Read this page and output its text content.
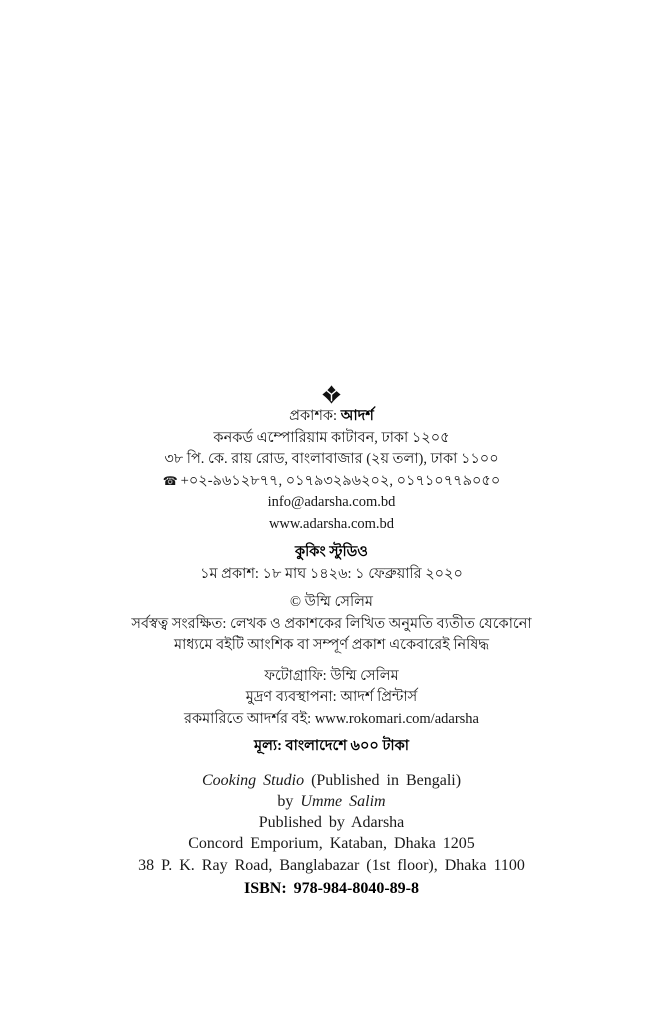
প্রকাশক: আদর্শ
কনকর্ড এম্পোরিয়াম কাটাবন, ঢাকা ১২০৫
৩৮ পি. কে. রায় রোড, বাংলাবাজার (২য় তলা), ঢাকা ১১০০
☎ +০২-৯৬১২৮৭৭, ০১৭৯৩২৯৬২০২, ০১৭১০৭৭৯০৫০
info@adarsha.com.bd
www.adarsha.com.bd
কুকিং স্টুডিও
১ম প্রকাশ: ১৮ মাঘ ১৪২৬: ১ ফেব্রুয়ারি ২০২০
© উম্মি সেলিম
সর্বস্বত্ব সংরক্ষিত: লেখক ও প্রকাশকের লিখিত অনুমতি ব্যতীত যেকোনো
মাধ্যমে বইটি আংশিক বা সম্পূর্ণ প্রকাশ একেবারেই নিষিদ্ধ
ফটোগ্রাফি: উম্মি সেলিম
মুদ্রণ ব্যবস্থাপনা: আদর্শ প্রিন্টার্স
রকমারিতে আদর্শর বই: www.rokomari.com/adarsha
মূল্য: বাংলাদেশে ৬০০ টাকা
Cooking Studio (Published in Bengali)
by Umme Salim
Published by Adarsha
Concord Emporium, Kataban, Dhaka 1205
38 P. K. Ray Road, Banglabazar (1st floor), Dhaka 1100
ISBN: 978-984-8040-89-8
